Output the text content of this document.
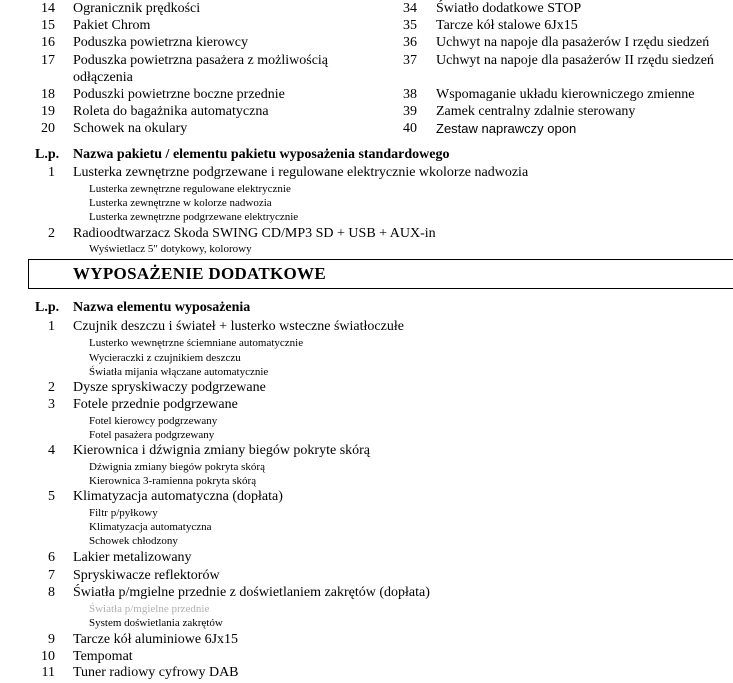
14 Ogranicznik prędkości
15 Pakiet Chrom
16 Poduszka powietrzna kierowcy
17 Poduszka powietrzna pasażera z możliwością
odłączenia
18 Poduszki powietrzne boczne przednie
19 Roleta do bagażnika automatyczna
20 Schowek na okulary
34 Światło dodatkowe STOP
35 Tarcze kół stalowe 6Jx15
36 Uchwyt na napoje dla pasażerów I rzędu siedzeń
37 Uchwyt na napoje dla pasażerów II rzędu siedzeń
38 Wspomaganie układu kierowniczego zmienne
39 Zamek centralny zdalnie sterowany
40 Zestaw naprawczy opon
L.p. Nazwa pakietu / elementu pakietu wyposażenia standardowego
1 Lusterka zewnętrzne podgrzewane i regulowane elektrycznie wkolorze nadwozia
Lusterka zewnętrzne regulowane elektrycznie
Lusterka zewnętrzne w kolorze nadwozia
Lusterka zewnętrzne podgrzewane elektrycznie
2 Radioodtwarzacz Skoda SWING CD/MP3 SD + USB + AUX-in
Wyświetlacz 5" dotykowy, kolorowy
WYPOSAŻENIE DODATKOWE
L.p. Nazwa elementu wyposażenia
1 Czujnik deszczu i świateł + lusterko wsteczne światłoczułe
Lusterko wewnętrzne ściemniane automatycznie
Wycieraczki z czujnikiem deszczu
Światła mijania włączane automatycznie
2 Dysze spryskiwaczy podgrzewane
3 Fotele przednie podgrzewane
Fotel kierowcy podgrzewany
Fotel pasażera podgrzewany
4 Kierownica i dźwignia zmiany biegów pokryte skórą
Dźwignia zmiany biegów pokryta skórą
Kierownica 3-ramienna pokryta skórą
5 Klimatyzacja automatyczna (dopłata)
Filtr p/pyłkowy
Klimatyzacja automatyczna
Schowek chłodzony
6 Lakier metalizowany
7 Spryskiwacze reflektorów
8 Światła p/mgielne przednie z doświetlaniem zakrętów (dopłata)
Światła p/mgielne przednie
System doświetlania zakrętów
9 Tarcze kół aluminiowe 6Jx15
10 Tempomat
11 Tuner radiowy cyfrowy DAB
